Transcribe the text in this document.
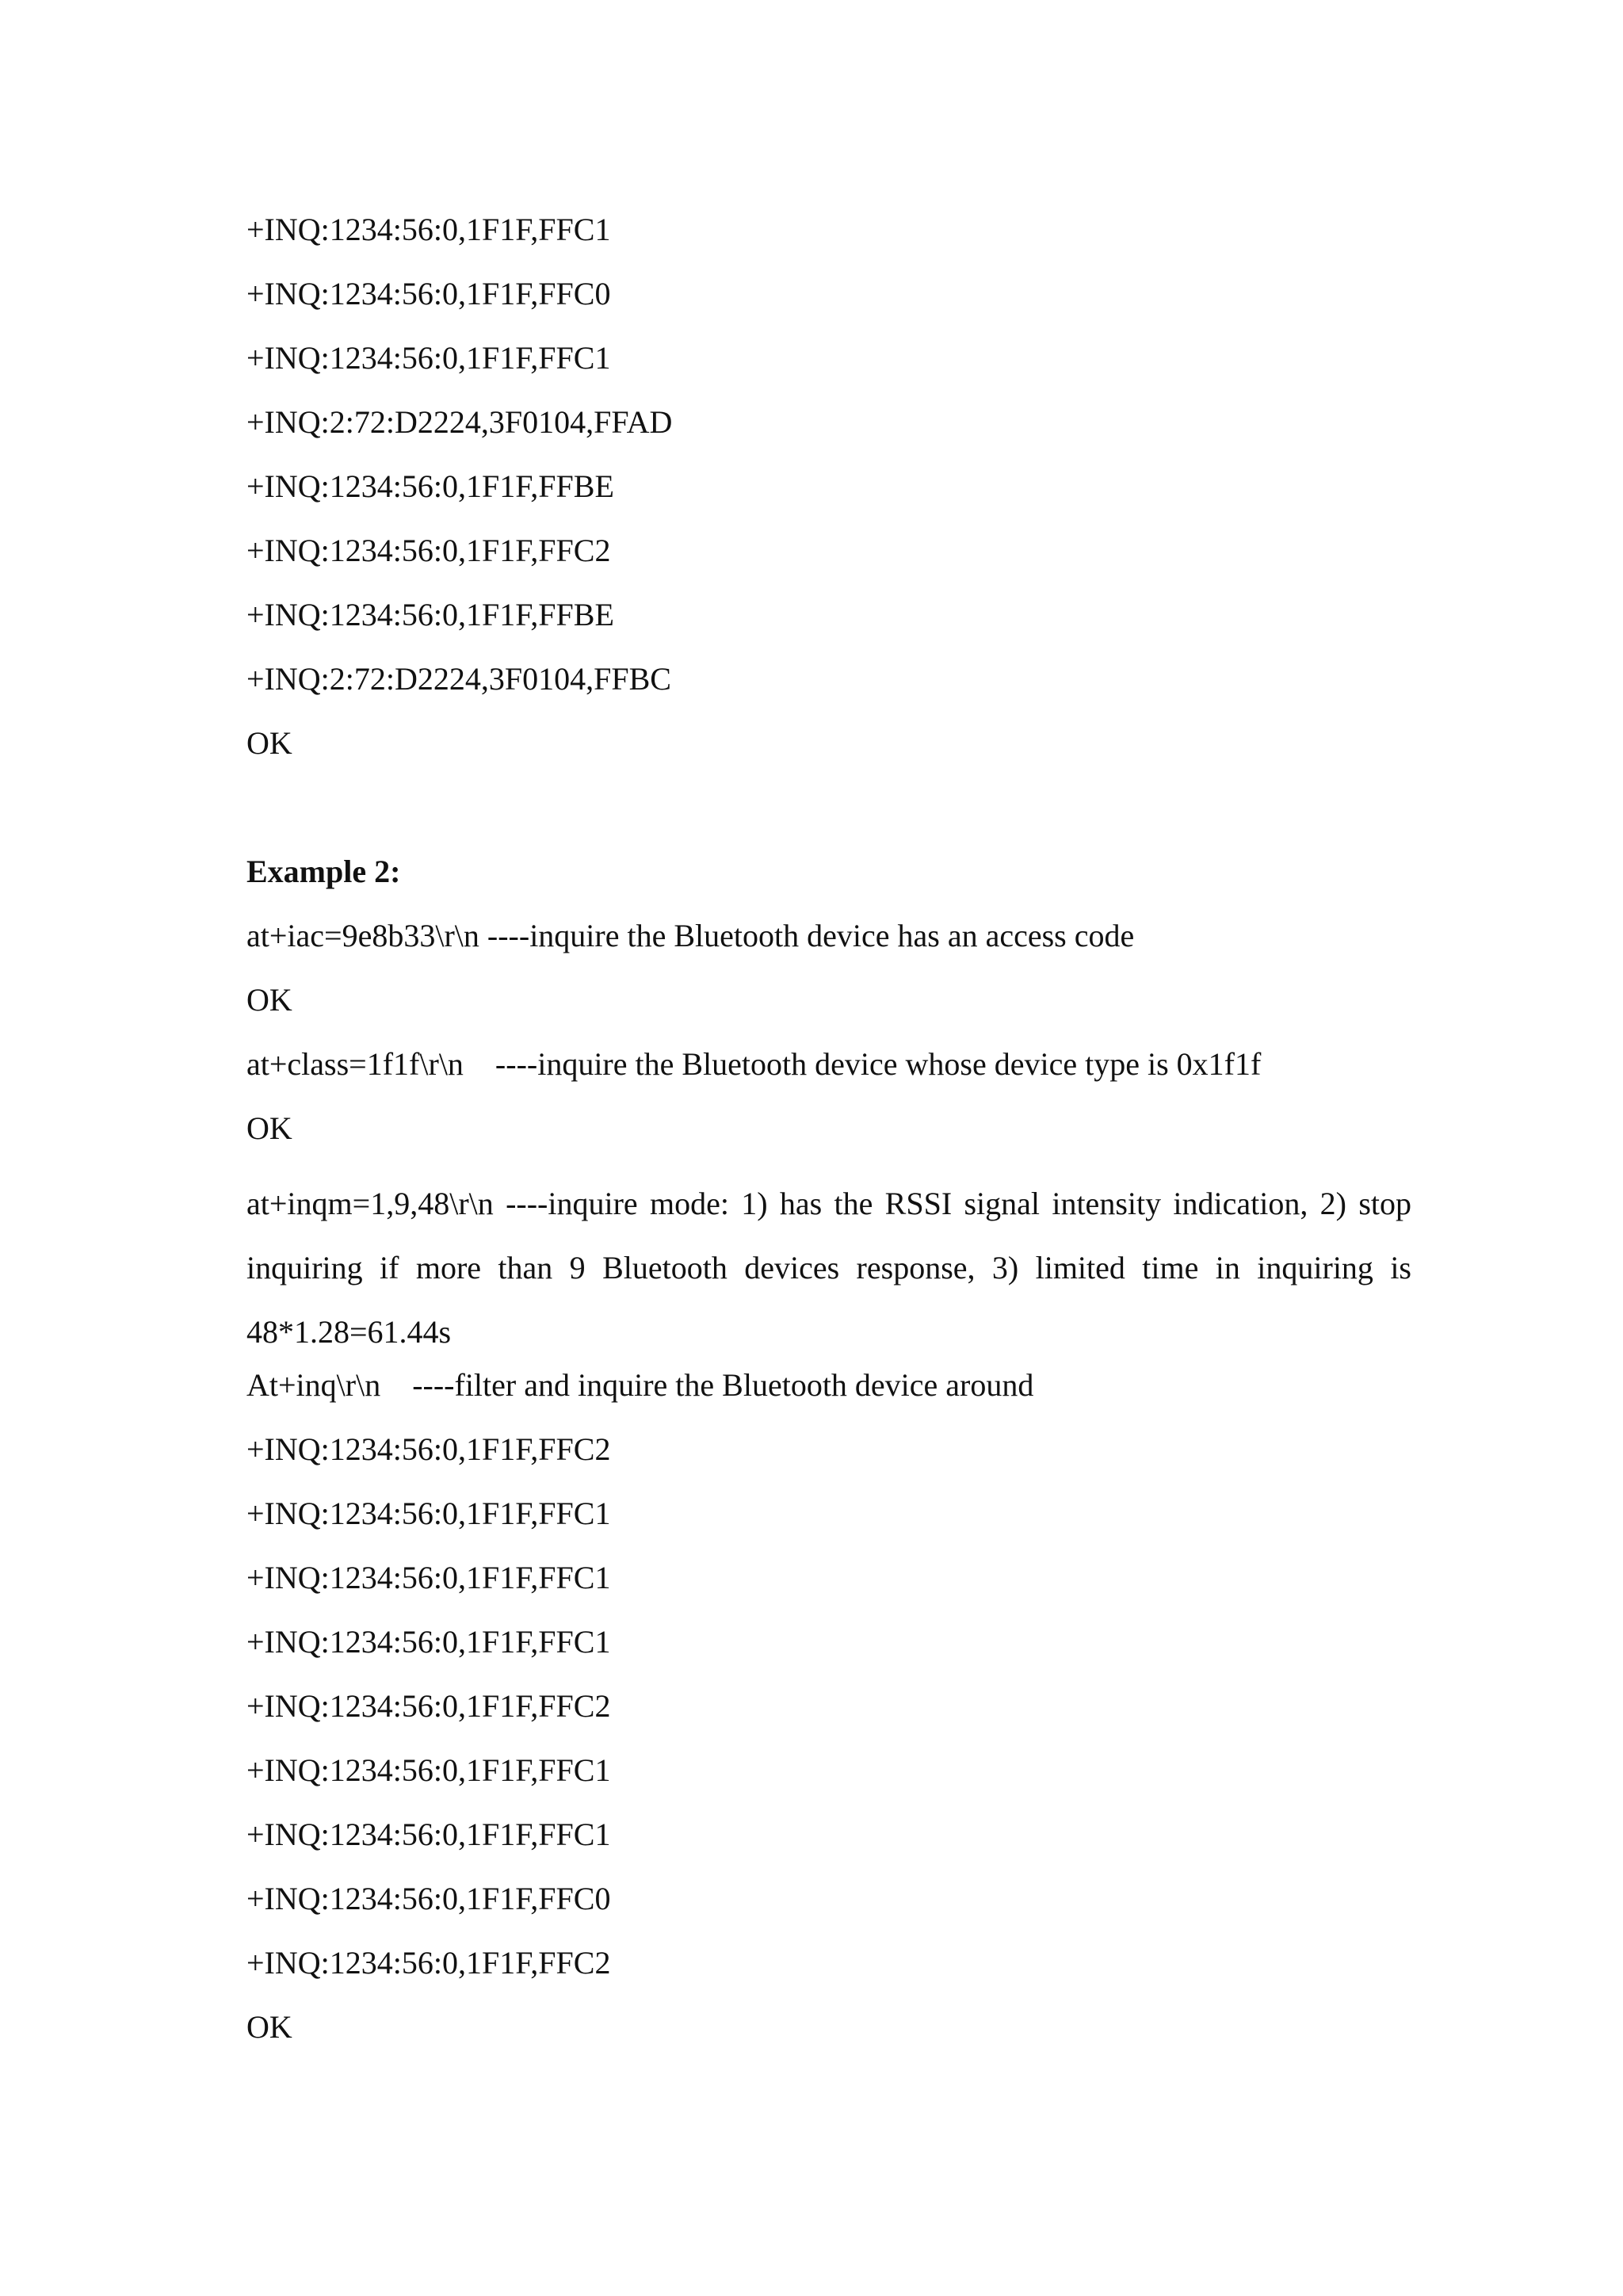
+INQ:1234:56:0,1F1F,FFC1
+INQ:1234:56:0,1F1F,FFC0
+INQ:1234:56:0,1F1F,FFC1
+INQ:2:72:D2224,3F0104,FFAD
+INQ:1234:56:0,1F1F,FFBE
+INQ:1234:56:0,1F1F,FFC2
+INQ:1234:56:0,1F1F,FFBE
+INQ:2:72:D2224,3F0104,FFBC
OK
Example 2:
at+iac=9e8b33\r\n ----inquire the Bluetooth device has an access code
OK
at+class=1f1f\r\n    ----inquire the Bluetooth device whose device type is 0x1f1f
OK
at+inqm=1,9,48\r\n ----inquire mode: 1) has the RSSI signal intensity indication, 2) stop inquiring if more than 9 Bluetooth devices response, 3) limited time in inquiring is 48*1.28=61.44s
At+inq\r\n    ----filter and inquire the Bluetooth device around
+INQ:1234:56:0,1F1F,FFC2
+INQ:1234:56:0,1F1F,FFC1
+INQ:1234:56:0,1F1F,FFC1
+INQ:1234:56:0,1F1F,FFC1
+INQ:1234:56:0,1F1F,FFC2
+INQ:1234:56:0,1F1F,FFC1
+INQ:1234:56:0,1F1F,FFC1
+INQ:1234:56:0,1F1F,FFC0
+INQ:1234:56:0,1F1F,FFC2
OK
